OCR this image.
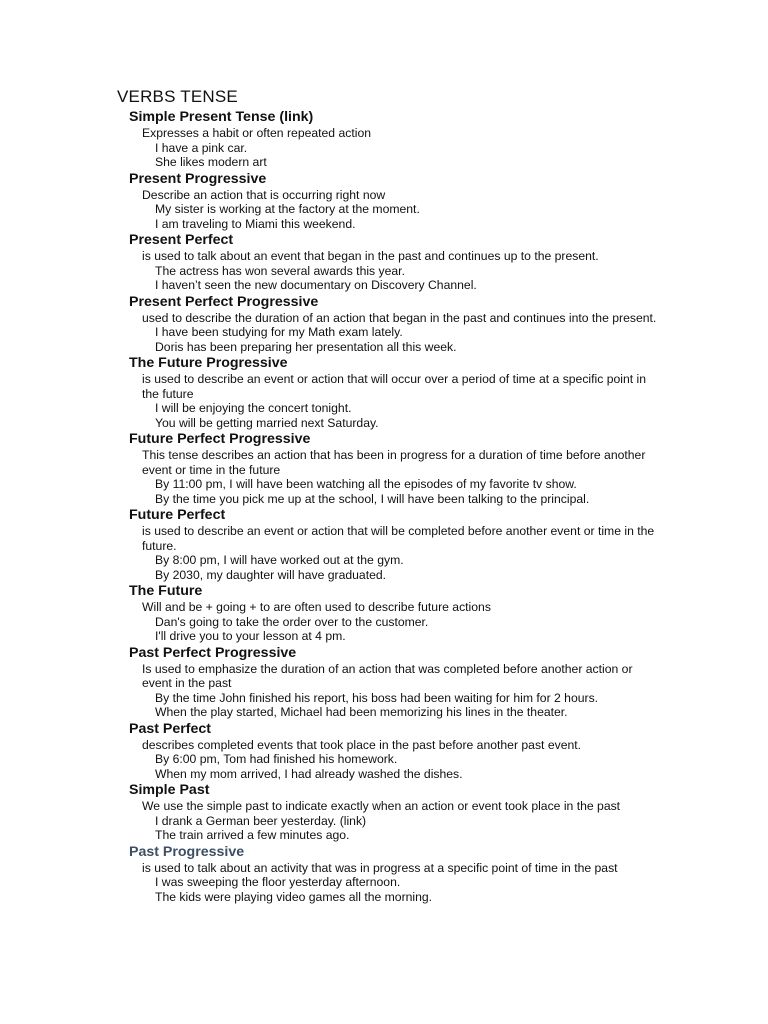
VERBS TENSE
Simple Present Tense (link)
Expresses a habit or often repeated action
I have a pink car.
She likes modern art
Present Progressive
Describe an action that is occurring right now
My sister is working at the factory at the moment.
I am traveling to Miami this weekend.
Present Perfect
is used to talk about an event that began in the past and continues up to the present.
The actress has won several awards this year.
I haven’t seen the new documentary on Discovery Channel.
Present Perfect Progressive
used to describe the duration of an action that began in the past and continues into the present.
I have been studying for my Math exam lately.
Doris has been preparing her presentation all this week.
The Future Progressive
is used to describe an event or action that will occur over a period of time at a specific point in the future
I will be enjoying the concert tonight.
You will be getting married next Saturday.
Future Perfect Progressive
This tense describes an action that has been in progress for a duration of time before another event or time in the future
By 11:00 pm, I will have been watching all the episodes of my favorite tv show.
By the time you pick me up at the school, I will have been talking to the principal.
Future Perfect
is used to describe an event or action that will be completed before another event or time in the future.
By 8:00 pm, I will have worked out at the gym.
By 2030, my daughter will have graduated.
The Future
Will and be + going + to are often used to describe future actions
Dan's going to take the order over to the customer.
I'll drive you to your lesson at 4 pm.
Past Perfect Progressive
Is used to emphasize the duration of an action that was completed before another action or event in the past
By the time John finished his report, his boss had been waiting for him for 2 hours.
When the play started, Michael had been memorizing his lines in the theater.
Past Perfect
describes completed events that took place in the past before another past event.
By 6:00 pm, Tom had finished his homework.
When my mom arrived, I had already washed the dishes.
Simple Past
We use the simple past to indicate exactly when an action or event took place in the past
I drank a German beer yesterday. (link)
The train arrived a few minutes ago.
Past Progressive
is used to talk about an activity that was in progress at a specific point of time in the past
I was sweeping the floor yesterday afternoon.
The kids were playing video games all the morning.
